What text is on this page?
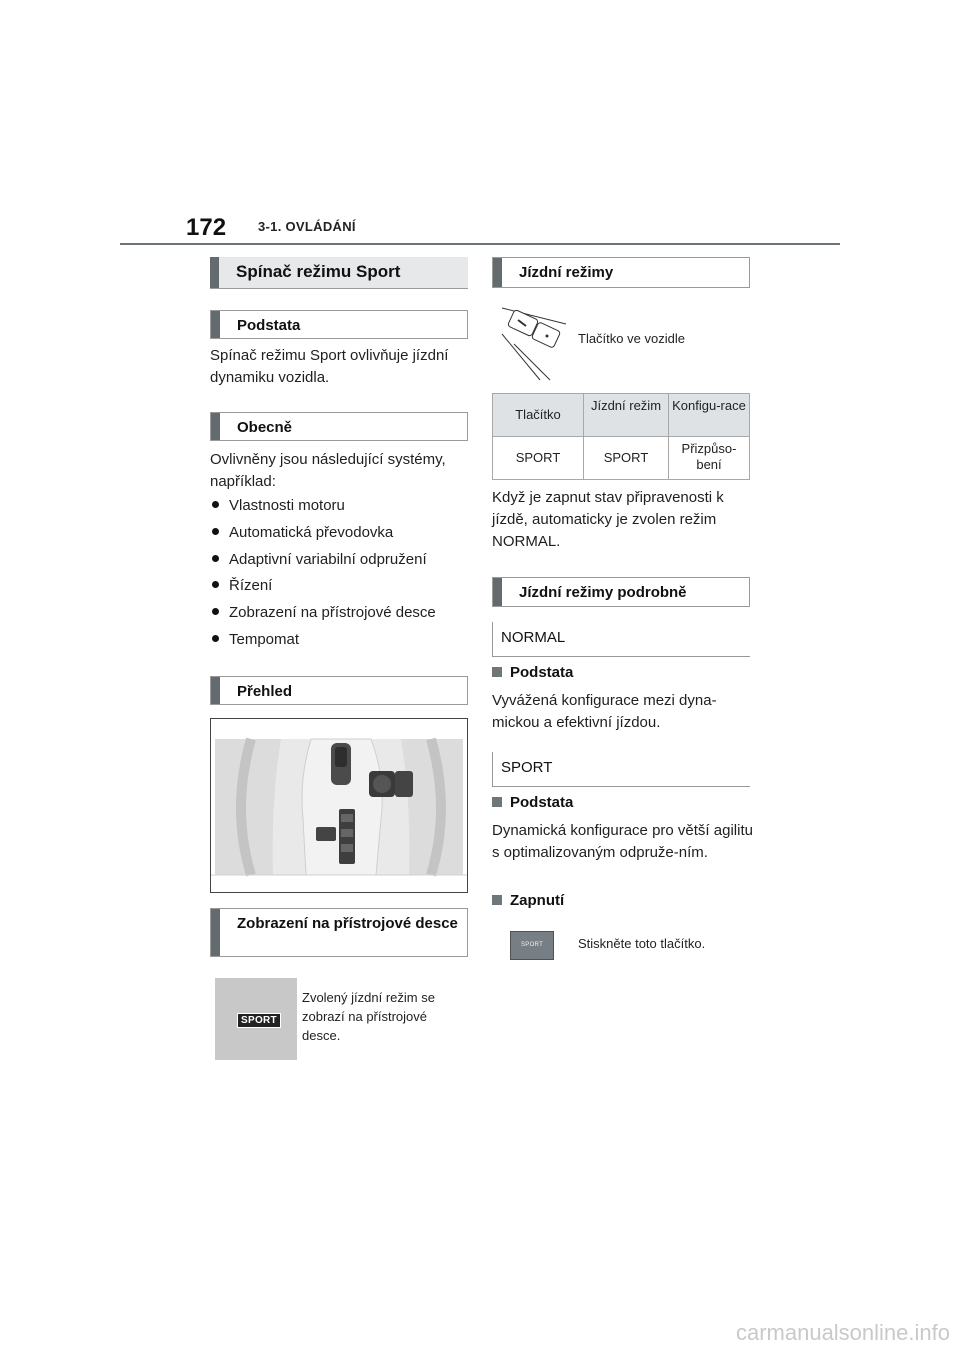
172 3-1. OVLÁDÁNÍ
Spínač režimu Sport
Podstata
Spínač režimu Sport ovlivňuje jízdní dynamiku vozidla.
Obecně
Ovlivněny jsou následující systémy, například:
Vlastnosti motoru
Automatická převodovka
Adaptivní variabilní odpružení
Řízení
Zobrazení na přístrojové desce
Tempomat
Přehled
Zobrazení na přístrojové desce
SPORT
Zvolený jízdní režim se zobrazí na přístrojové desce.
Jízdní režimy
Tlačítko ve vozidle
Tlačítko	Jízdní režim	Konfigu-race
SPORT	SPORT	Přizpůso-bení
Když je zapnut stav připravenosti k jízdě, automaticky je zvolen režim NORMAL.
Jízdní režimy podrobně
NORMAL
Podstata
Vyvážená konfigurace mezi dyna-mickou a efektivní jízdou.
SPORT
Podstata
Dynamická konfigurace pro větší agilitu s optimalizovaným odpruže-ním.
Zapnutí
SPORT	Stiskněte toto tlačítko.
carmanualsonline.info
